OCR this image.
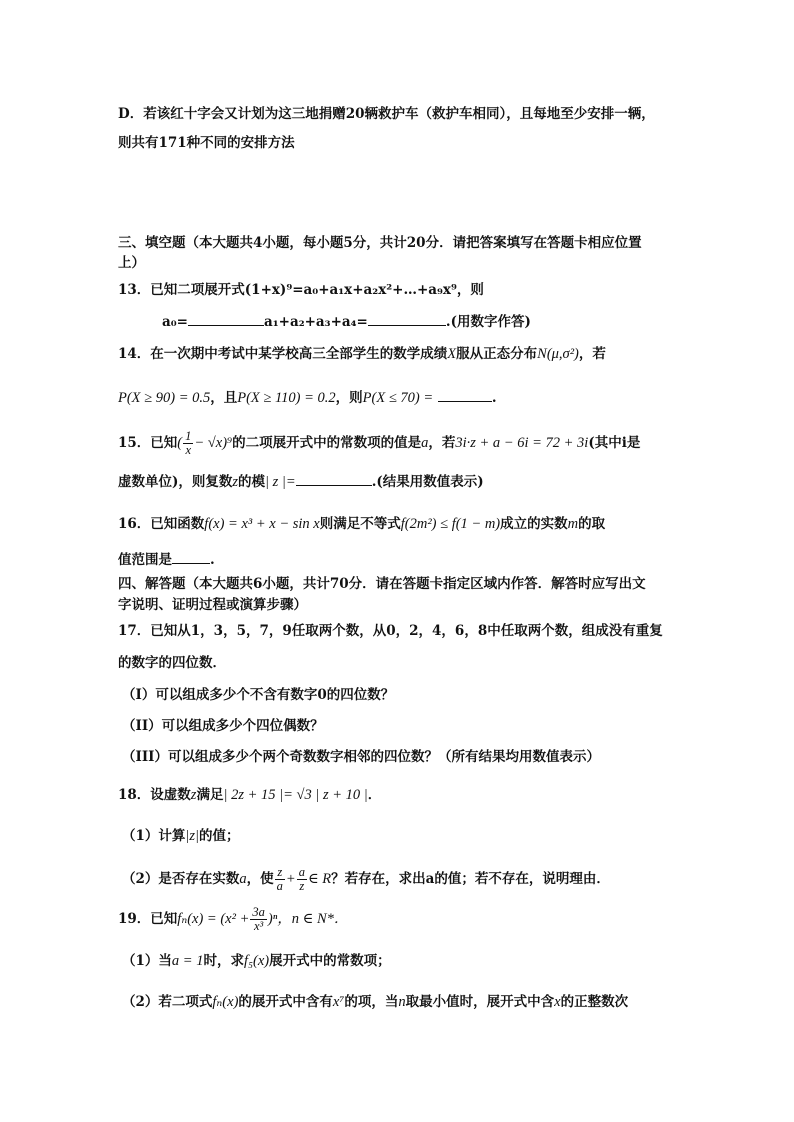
D．若该红十字会又计划为这三地捐赠20辆救护车（救护车相同），且每地至少安排一辆，
则共有171种不同的安排方法
三、填空题（本大题共4小题，每小题5分，共计20分．请把答案填写在答题卡相应位置
上）
13．已知二项展开式(1+x)⁹=a₀+a₁x+a₂x²+…+a₉x⁹，则
a₀=	a₁+a₂+a₃+a₄=	.(用数字作答)
14．在一次期中考试中某学校高三全部学生的数学成绩X服从正态分布N(μ,σ²)，若
P(X ≥ 90) = 0.5，且P(X ≥ 110) = 0.2，则P(X ≤ 70) =	.
15．已知( $\frac{1}{x} - √x)^9$的二项展开式中的常数项的值是a，若3i·z + a − 6i = 72 + 3i(其中i是
虚数单位)，则复数z的模| z |=	.(结果用数值表示)
16．已知函数f(x) = x³ + x − sin x则满足不等式f(2m²) ≤ f(1 − m)成立的实数m的取
值范围是	.
四、解答题（本大题共6小题，共计70分．请在答题卡指定区域内作答．解答时应写出文
字说明、证明过程或演算步骤）
17．已知从1，3，5，7，9任取两个数，从0，2，4，6，8中任取两个数，组成没有重复
的数字的四位数．
（I）可以组成多少个不含有数字0的四位数？
（II）可以组成多少个四位偶数？
（III）可以组成多少个两个奇数数字相邻的四位数？（所有结果均用数值表示）
18．设虚数z满足| 2z + 15 |= √3 | z + 10 |．
（1）计算|z|的值；
（2）是否存在实数a，使 $\frac{z}{a} + \frac{a}{z}$ ∈ R？若存在，求出a的值；若不存在，说明理由．
19．已知$f_n(x) = (x^2 + \frac{3a}{\text{x³}} )^n$，n ∈ N*．
（1）当a = 1时，求f₅(x)展开式中的常数项；
（2）若二项式fₙ(x)的展开式中含有x⁷的项，当n取最小值时，展开式中含x的正整数次
